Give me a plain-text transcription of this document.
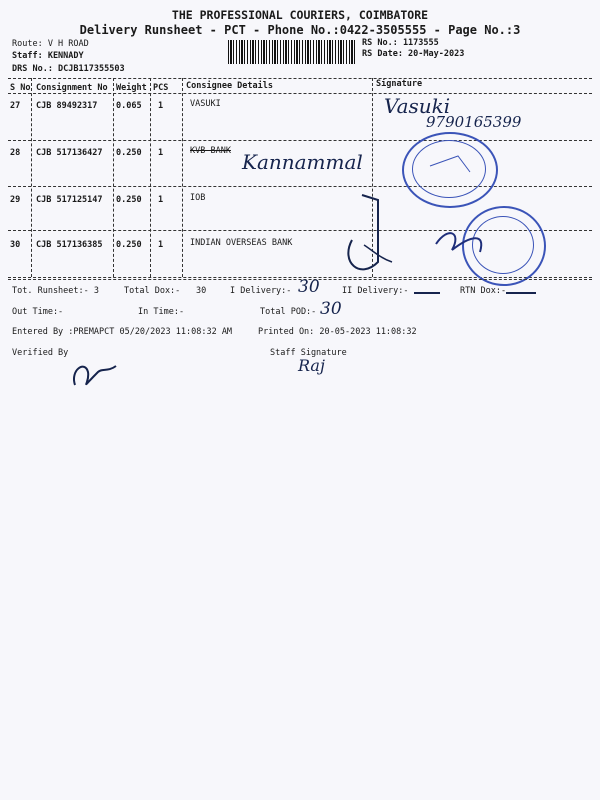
THE PROFESSIONAL COURIERS, COIMBATORE
Delivery Runsheet - PCT - Phone No.:0422-3505555 - Page No.:3
Route: V H ROAD
Staff: KENNADY
DRS No.: DCJB117355503
RS No.: 1173555
RS Date: 20-May-2023
S No Consignment No Weight PCS Consignee Details	Signature
27 CJB 89492317 0.065 1	VASUKI
28 CJB 517136427 0.250 1	KVB BANK
29 CJB 517125147 0.250 1	IOB
30 CJB 517136385 0.250 1	INDIAN OVERSEAS BANK
Vasuki
9790165399
Kannammal
Tot. Runsheet:- 3	Total Dox:- 30	I Delivery:- 30	II Delivery:-	RTN Dox:-
Out Time:-	In Time:-	Total POD:- 30
Entered By :PREMAPCT 05/20/2023 11:08:32 AM	Printed On: 20-05-2023 11:08:32
Verified By	Staff Signature
Raj
